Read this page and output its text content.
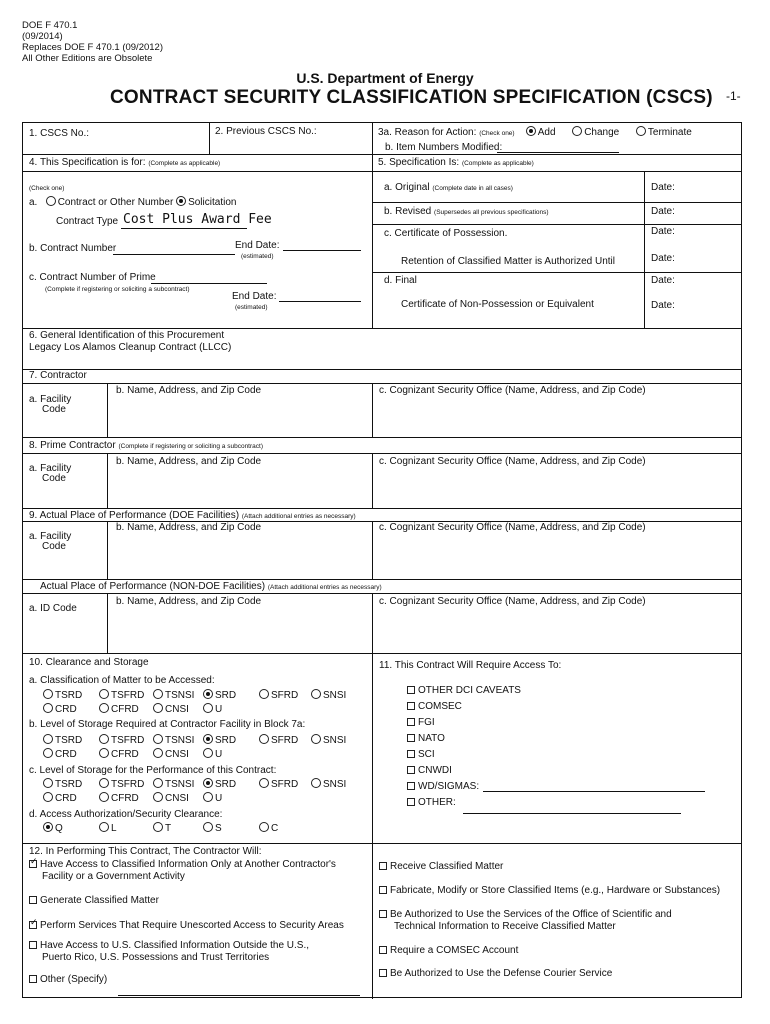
DOE F 470.1
(09/2014)
Replaces DOE F 470.1 (09/2012)
All Other Editions are Obsolete
U.S. Department of Energy
CONTRACT SECURITY CLASSIFICATION SPECIFICATION (CSCS) -1-
1. CSCS No.:	2. Previous CSCS No.:	3a. Reason for Action: (Check one) Add	Change	Terminate
b. Item Numbers Modified:
4. This Specification is for: (Complete as applicable)
(Check one)
a. Contract or Other Number Solicitation
Contract Type Cost Plus Award Fee
b. Contract Number	End Date:
(estimated)
c. Contract Number of Prime
(Complete if registering or soliciting a subcontract)
End Date:
(estimated)
5. Specification Is: (Complete as applicable)
a. Original (Complete date in all cases)	Date:
b. Revised (Supersedes all previous specifications)	Date:
c. Certificate of Possession.	Date:
Retention of Classified Matter is Authorized Until	Date:
d. Final	Date:
Certificate of Non-Possession or Equivalent	Date:
6. General Identification of this Procurement
Legacy Los Alamos Cleanup Contract (LLCC)
7. Contractor
a. Facility
Code
b. Name, Address, and Zip Code	c. Cognizant Security Office (Name, Address, and Zip Code)
8. Prime Contractor (Complete if registering or soliciting a subcontract)
a. Facility
Code
b. Name, Address, and Zip Code	c. Cognizant Security Office (Name, Address, and Zip Code)
9. Actual Place of Performance (DOE Facilities) (Attach additional entries as necessary)
a. Facility
Code
b. Name, Address, and Zip Code	c. Cognizant Security Office (Name, Address, and Zip Code)
Actual Place of Performance (NON-DOE Facilities) (Attach additional entries as necessary)
a. ID Code
b. Name, Address, and Zip Code	c. Cognizant Security Office (Name, Address, and Zip Code)
10. Clearance and Storage
a. Classification of Matter to be Accessed:
TSRD	TSFRD TSNSI SRD	SFRD SNSI
CRD	CFRD	CNSI	U
b. Level of Storage Required at Contractor Facility in Block 7a:
TSRD	TSFRD TSNSI SRD	SFRD SNSI
CRD	CFRD	CNSI	U
c. Level of Storage for the Performance of this Contract:
TSRD	TSFRD TSNSI SRD	SFRD SNSI
CRD	CFRD	CNSI	U
d. Access Authorization/Security Clearance:
Q	L	T	S	C
11. This Contract Will Require Access To:
OTHER DCI CAVEATS
COMSEC
FGI
NATO
SCI
CNWDI
WD/SIGMAS:
OTHER:
12. In Performing This Contract, The Contractor Will:
✓Have Access to Classified Information Only at Another Contractor's
Facility or a Government Activity
Generate Classified Matter
✓Perform Services That Require Unescorted Access to Security Areas
Have Access to U.S. Classified Information Outside the U.S.,
Puerto Rico, U.S. Possessions and Trust Territories
Other (Specify)
Receive Classified Matter
Fabricate, Modify or Store Classified Items (e.g., Hardware or Substances)
Be Authorized to Use the Services of the Office of Scientific and
Technical Information to Receive Classified Matter
Require a COMSEC Account
Be Authorized to Use the Defense Courier Service
